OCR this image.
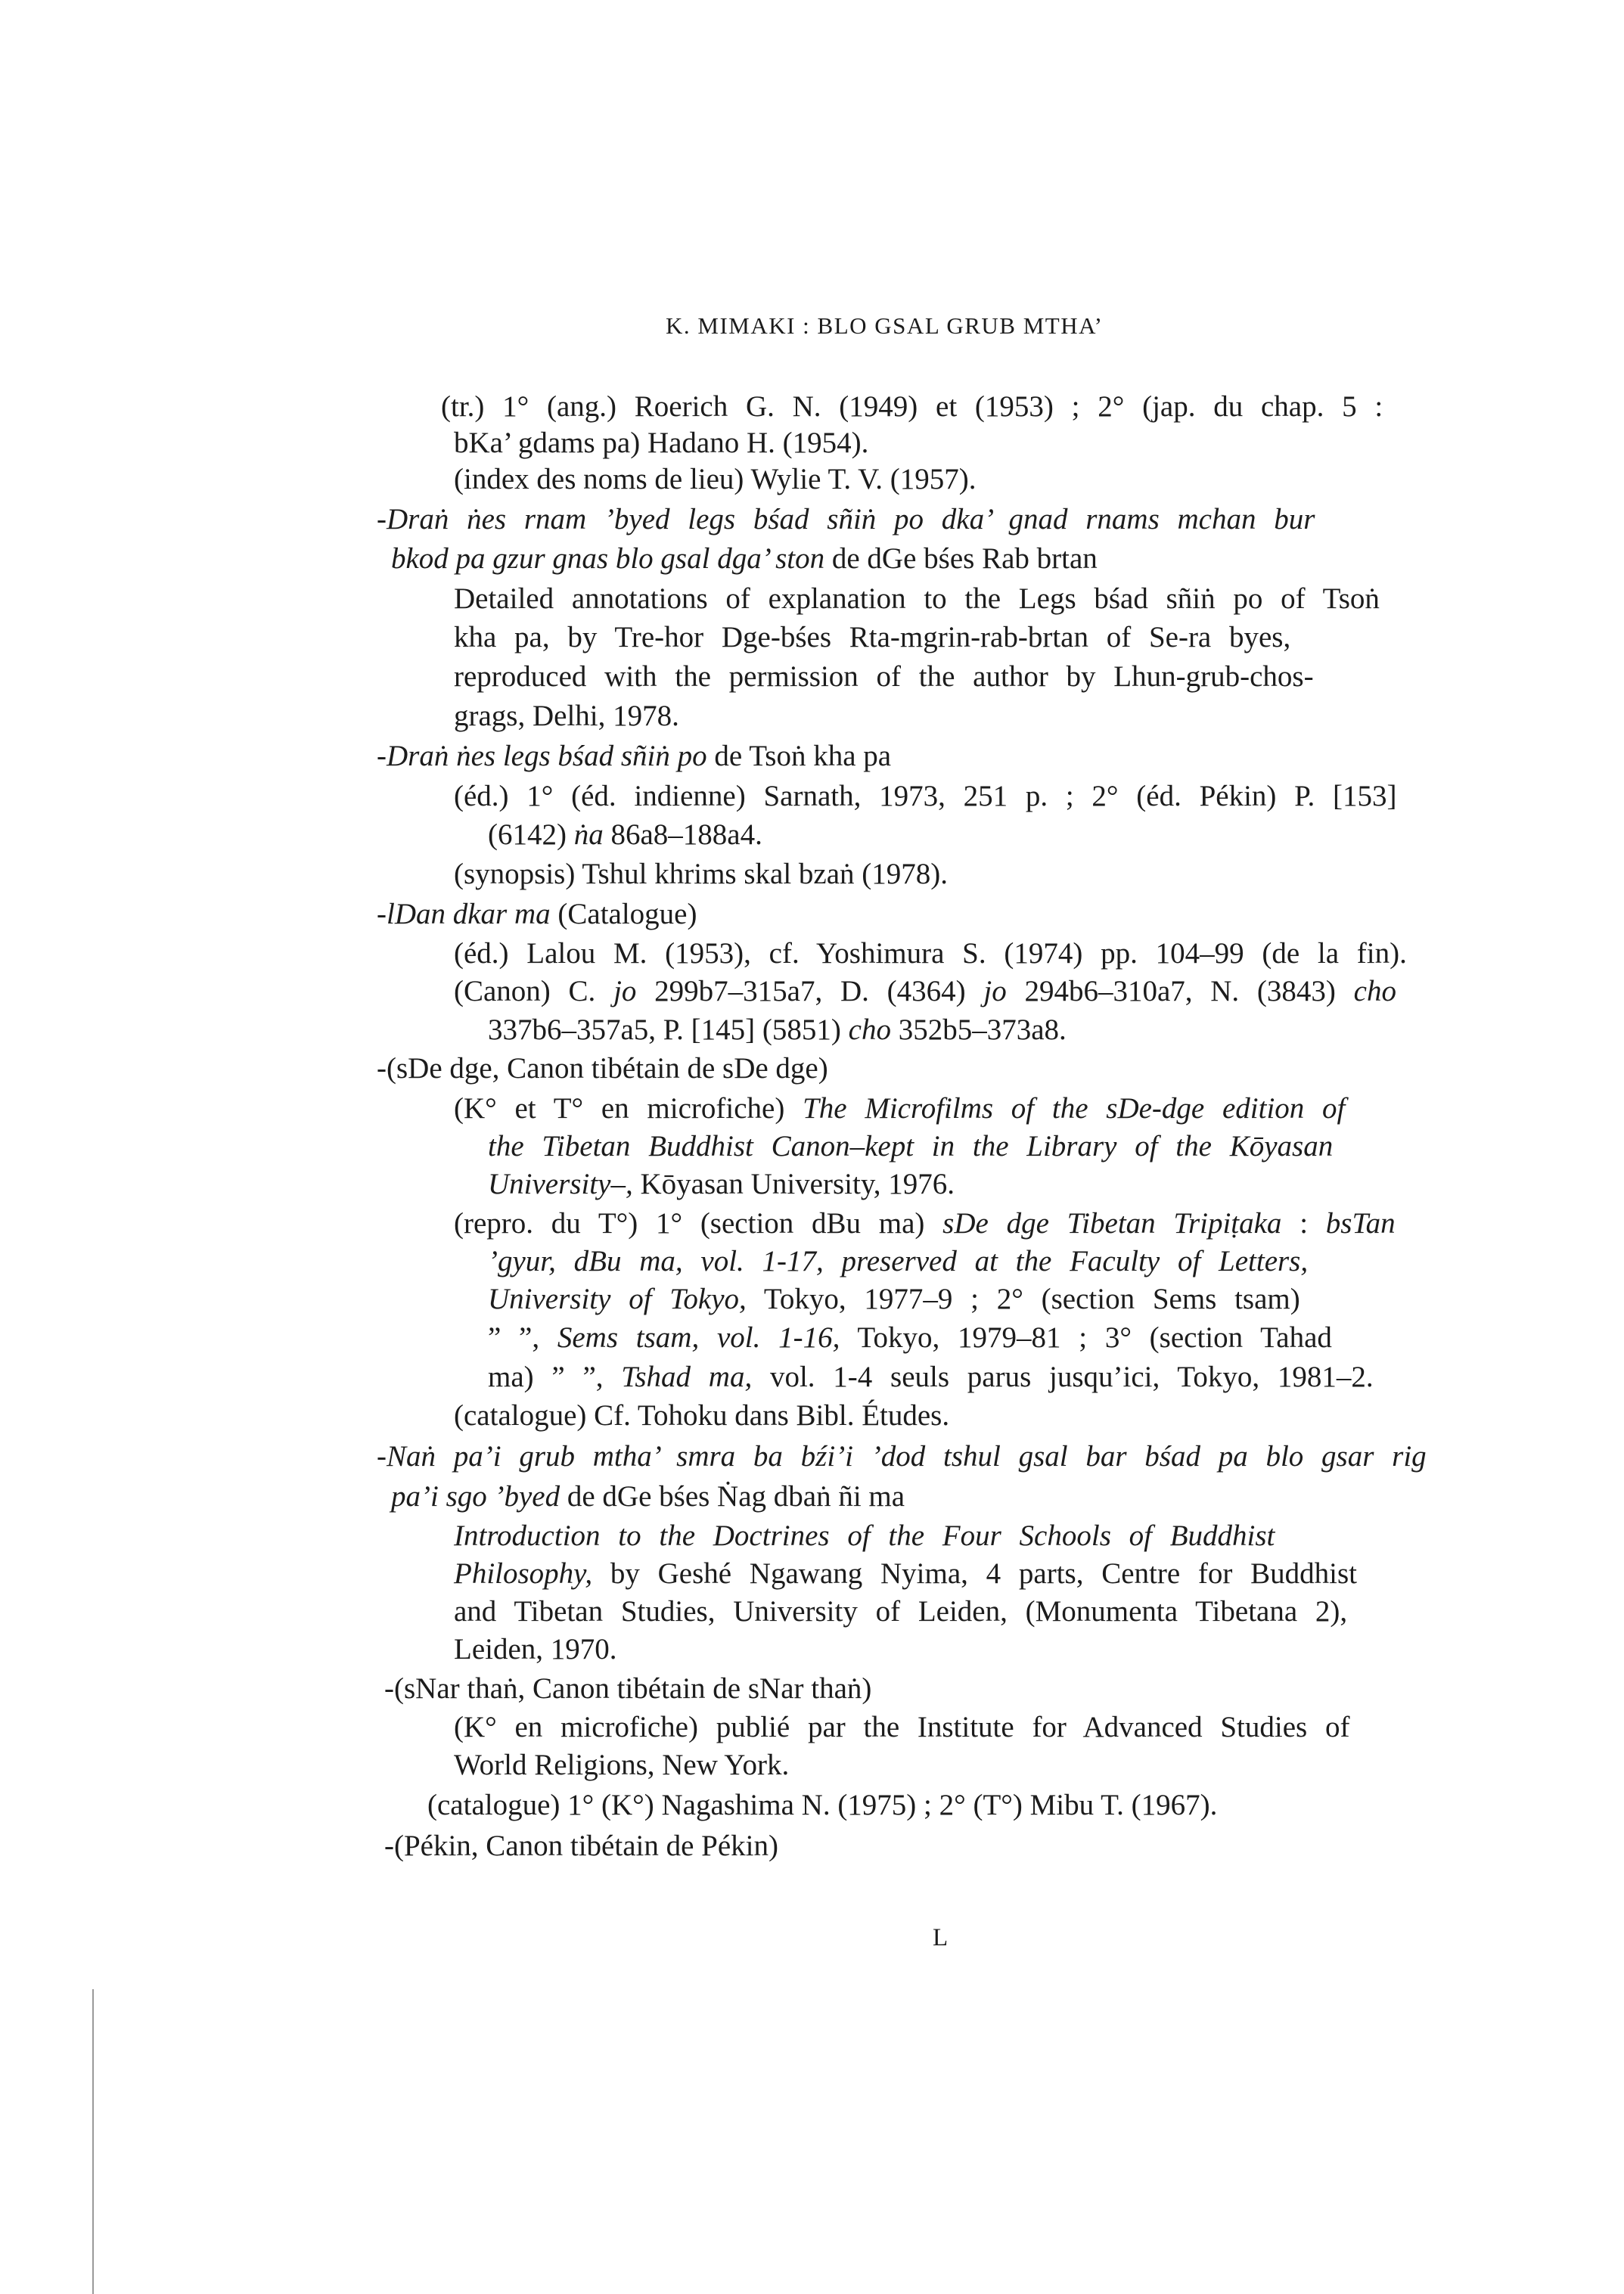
K. MIMAKI : BLO GSAL GRUB MTHA’
(tr.) 1° (ang.) Roerich G. N. (1949) et (1953) ; 2° (jap. du chap. 5 :
bKa’ gdams pa) Hadano H. (1954).
(index des noms de lieu) Wylie T. V. (1957).
-Draṅ ṅes rnam ’byed legs bśad sñiṅ po dka’ gnad rnams mchan bur
bkod pa gzur gnas blo gsal dga’ ston de dGe bśes Rab brtan
Detailed annotations of explanation to the Legs bśad sñiṅ po of Tsoṅ
kha pa, by Tre-hor Dge-bśes Rta-mgrin-rab-brtan of Se-ra byes,
reproduced with the permission of the author by Lhun-grub-chos-
grags, Delhi, 1978.
-Draṅ ṅes legs bśad sñiṅ po de Tsoṅ kha pa
(éd.) 1° (éd. indienne) Sarnath, 1973, 251 p. ; 2° (éd. Pékin) P. [153]
(6142) ṅa 86a8–188a4.
(synopsis) Tshul khrims skal bzaṅ (1978).
-lDan dkar ma (Catalogue)
(éd.) Lalou M. (1953), cf. Yoshimura S. (1974) pp. 104–99 (de la fin).
(Canon) C. jo 299b7–315a7, D. (4364) jo 294b6–310a7, N. (3843) cho
337b6–357a5, P. [145] (5851) cho 352b5–373a8.
-(sDe dge, Canon tibétain de sDe dge)
(K° et T° en microfiche) The Microfilms of the sDe-dge edition of
the Tibetan Buddhist Canon–kept in the Library of the Kōyasan
University–, Kōyasan University, 1976.
(repro. du T°) 1° (section dBu ma) sDe dge Tibetan Tripiṭaka : bsTan
’gyur, dBu ma, vol. 1-17, preserved at the Faculty of Letters,
University of Tokyo, Tokyo, 1977–9 ; 2° (section Sems tsam)
” ”, Sems tsam, vol. 1-16, Tokyo, 1979–81 ; 3° (section Tahad
ma) ” ”, Tshad ma, vol. 1-4 seuls parus jusqu’ici, Tokyo, 1981–2.
(catalogue) Cf. Tohoku dans Bibl. Études.
-Naṅ pa’i grub mtha’ smra ba bźi’i ’dod tshul gsal bar bśad pa blo gsar rig
pa’i sgo ’byed de dGe bśes Ṅag dbaṅ ñi ma
Introduction to the Doctrines of the Four Schools of Buddhist
Philosophy, by Geshé Ngawang Nyima, 4 parts, Centre for Buddhist
and Tibetan Studies, University of Leiden, (Monumenta Tibetana 2),
Leiden, 1970.
-(sNar thaṅ, Canon tibétain de sNar thaṅ)
(K° en microfiche) publié par the Institute for Advanced Studies of
World Religions, New York.
(catalogue) 1° (K°) Nagashima N. (1975) ; 2° (T°) Mibu T. (1967).
-(Pékin, Canon tibétain de Pékin)
L
